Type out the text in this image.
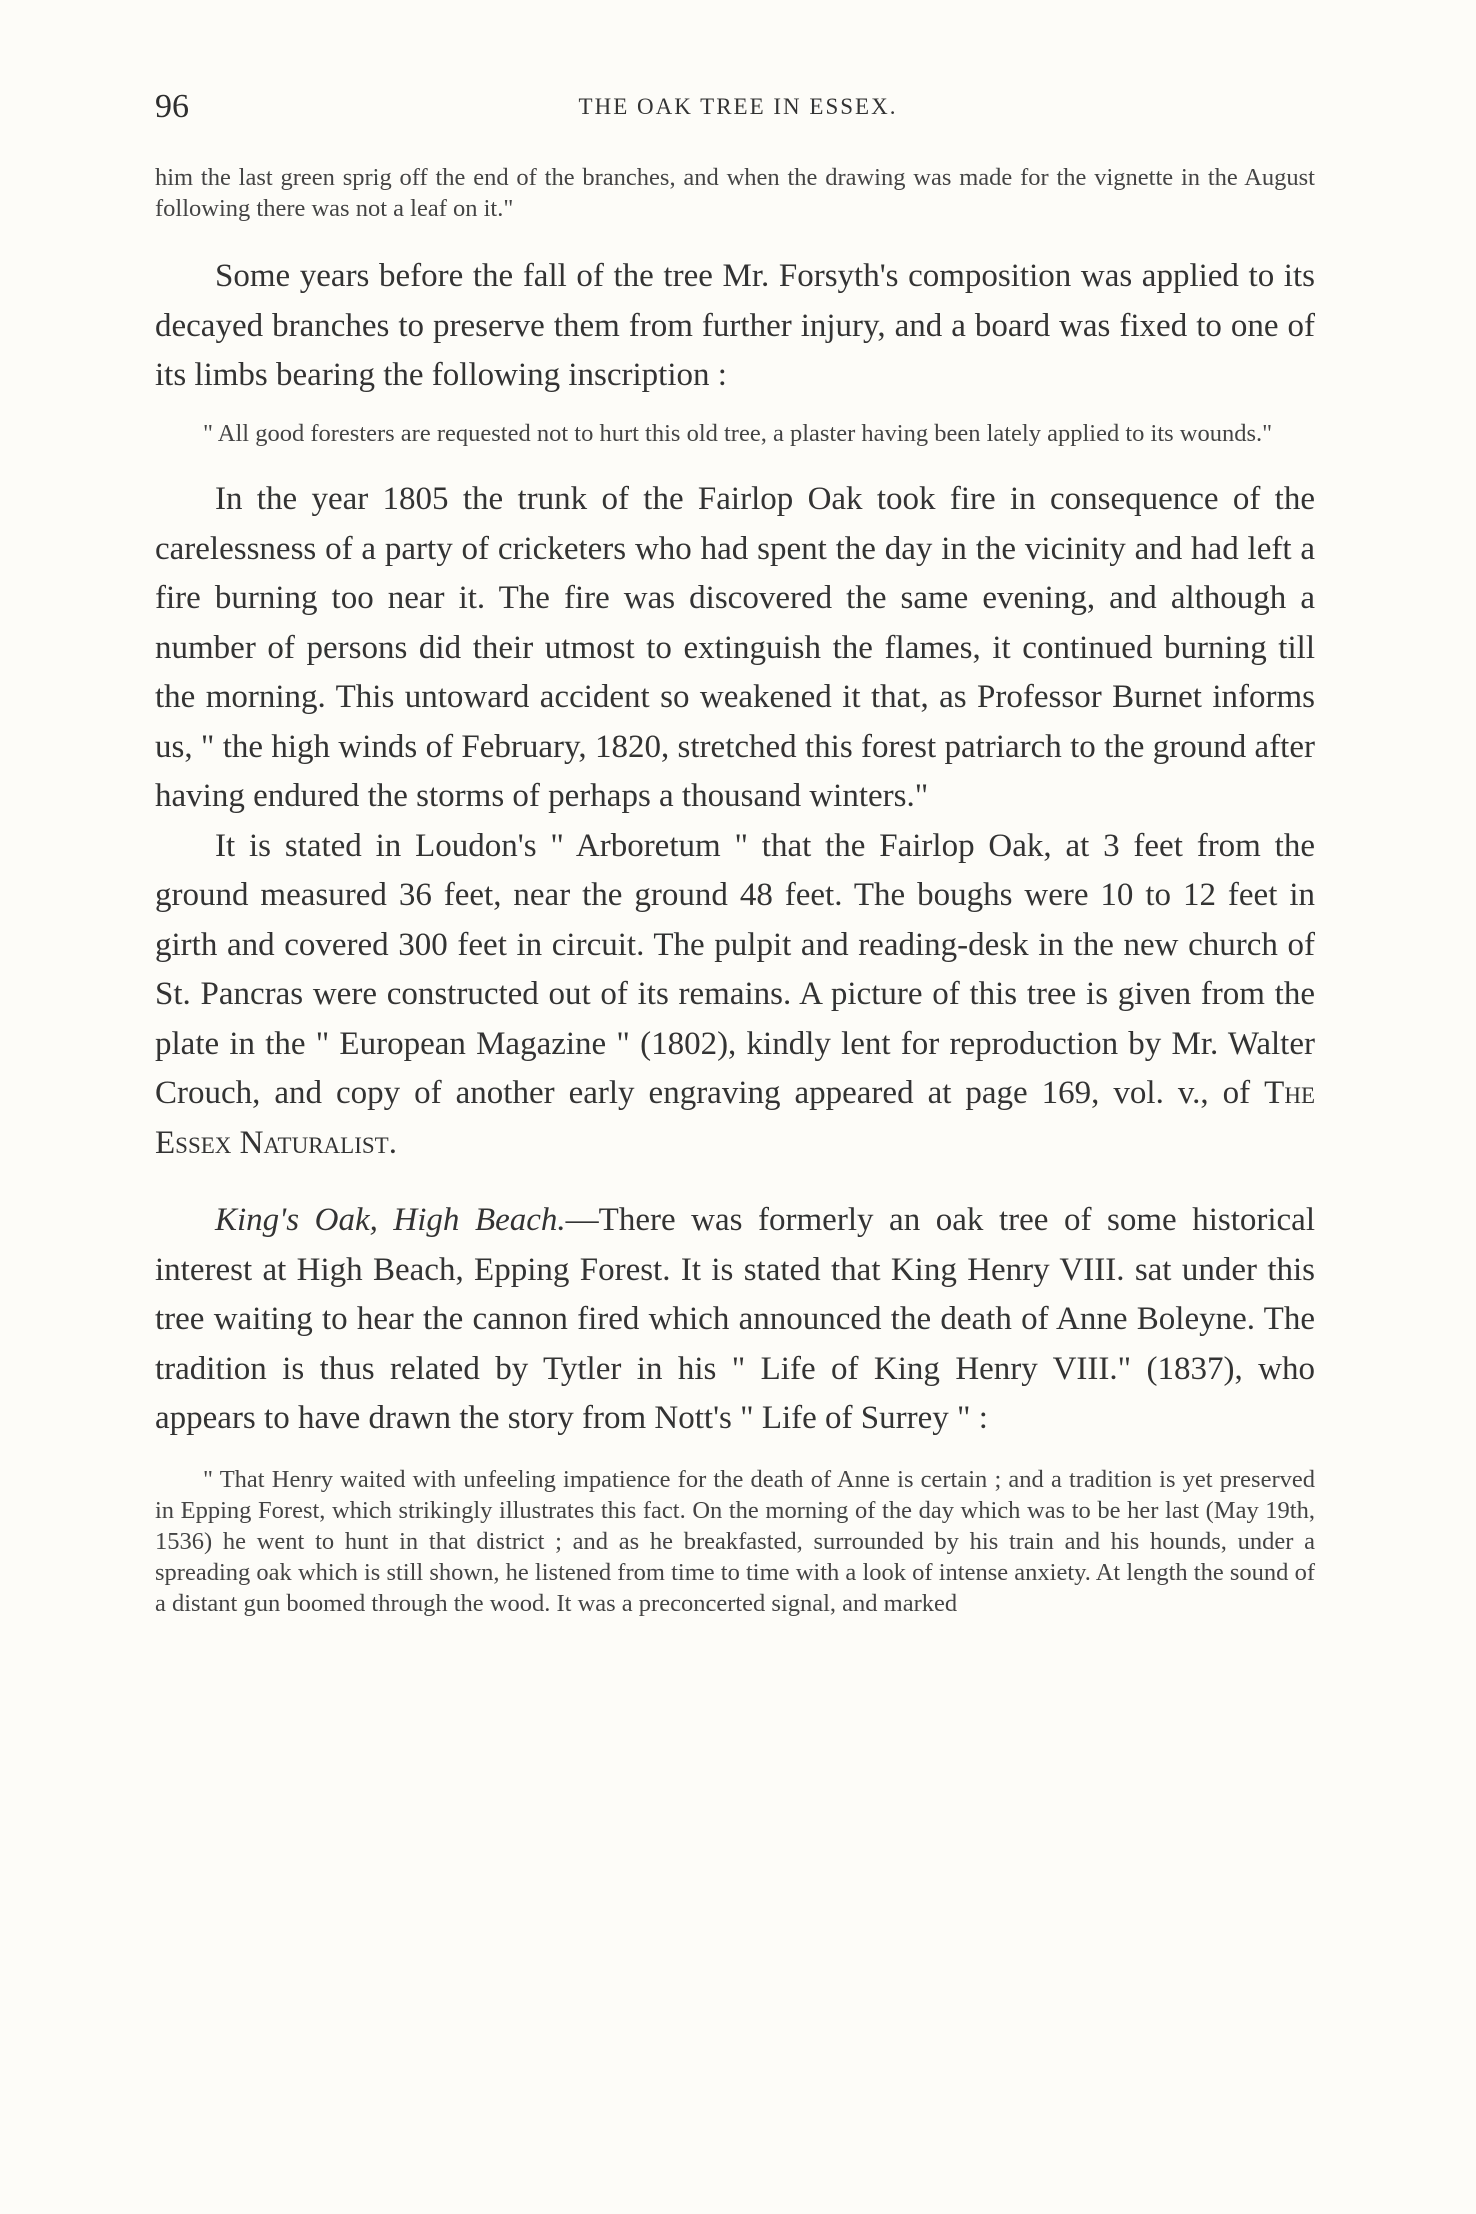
96	THE OAK TREE IN ESSEX.

him the last green sprig off the end of the branches, and when the drawing was made for the vignette in the August following there was not a leaf on it."

Some years before the fall of the tree Mr. Forsyth's composition was applied to its decayed branches to preserve them from further injury, and a board was fixed to one of its limbs bearing the following inscription :

" All good foresters are requested not to hurt this old tree, a plaster having been lately applied to its wounds."

In the year 1805 the trunk of the Fairlop Oak took fire in consequence of the carelessness of a party of cricketers who had spent the day in the vicinity and had left a fire burning too near it. The fire was discovered the same evening, and although a number of persons did their utmost to extinguish the flames, it continued burning till the morning. This untoward accident so weakened it that, as Professor Burnet informs us, " the high winds of February, 1820, stretched this forest patriarch to the ground after having endured the storms of perhaps a thousand winters."

It is stated in Loudon's " Arboretum " that the Fairlop Oak, at 3 feet from the ground measured 36 feet, near the ground 48 feet. The boughs were 10 to 12 feet in girth and covered 300 feet in circuit. The pulpit and reading-desk in the new church of St. Pancras were constructed out of its remains. A picture of this tree is given from the plate in the " European Magazine " (1802), kindly lent for reproduction by Mr. Walter Crouch, and copy of another early engraving appeared at page 169, vol. v., of The Essex Naturalist.

King's Oak, High Beach.—There was formerly an oak tree of some historical interest at High Beach, Epping Forest. It is stated that King Henry VIII. sat under this tree waiting to hear the cannon fired which announced the death of Anne Boleyne. The tradition is thus related by Tytler in his " Life of King Henry VIII." (1837), who appears to have drawn the story from Nott's " Life of Surrey " :

" That Henry waited with unfeeling impatience for the death of Anne is certain ; and a tradition is yet preserved in Epping Forest, which strikingly illustrates this fact. On the morning of the day which was to be her last (May 19th, 1536) he went to hunt in that district ; and as he breakfasted, surrounded by his train and his hounds, under a spreading oak which is still shown, he listened from time to time with a look of intense anxiety. At length the sound of a distant gun boomed through the wood. It was a preconcerted signal, and marked
